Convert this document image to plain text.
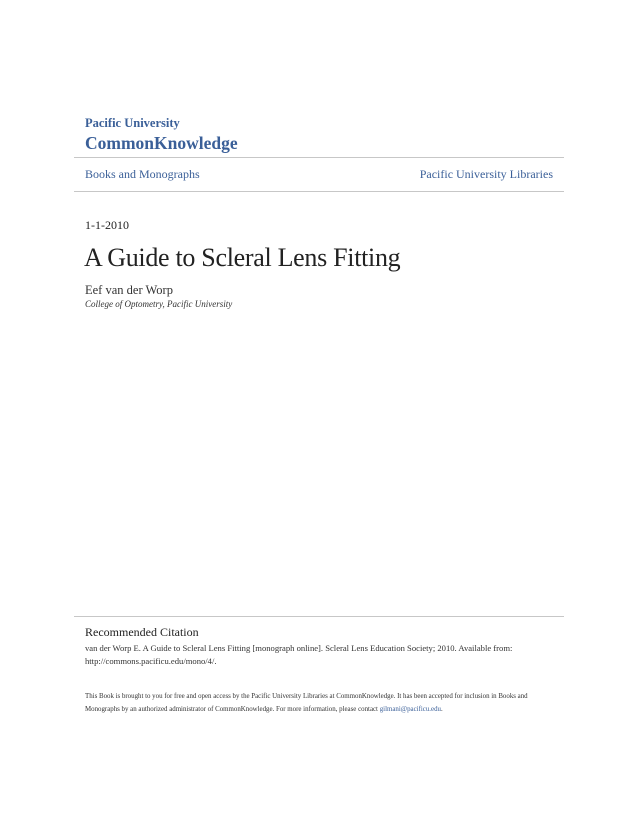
Pacific University
CommonKnowledge
Books and Monographs	Pacific University Libraries
1-1-2010
A Guide to Scleral Lens Fitting
Eef van der Worp
College of Optometry, Pacific University
Recommended Citation

van der Worp E. A Guide to Scleral Lens Fitting [monograph online]. Scleral Lens Education Society; 2010. Available from: http://commons.pacificu.edu/mono/4/.

This Book is brought to you for free and open access by the Pacific University Libraries at CommonKnowledge. It has been accepted for inclusion in Books and Monographs by an authorized administrator of CommonKnowledge. For more information, please contact gilmani@pacificu.edu.
